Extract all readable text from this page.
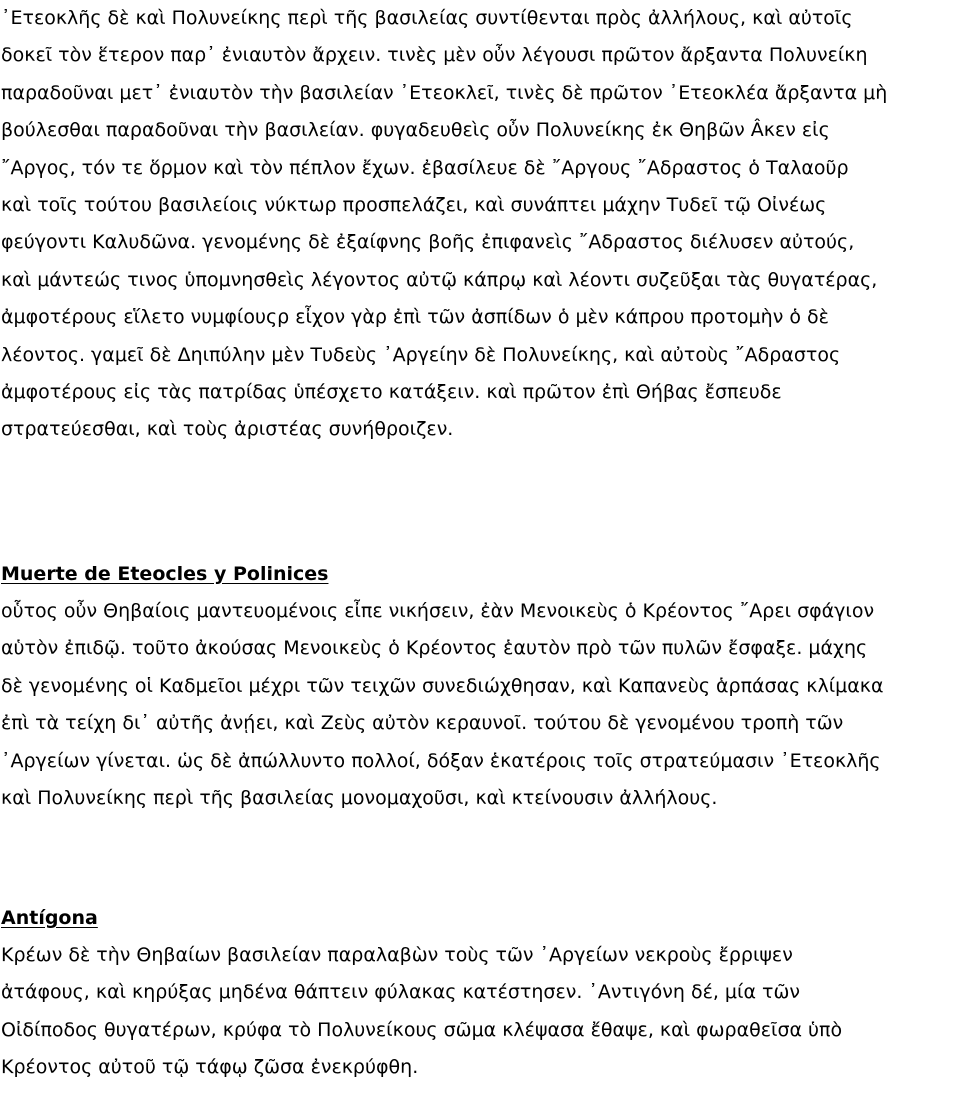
᾿Ετεοκλῆς δὲ καὶ Πολυνείκης περὶ τῆς βασιλείας συντίθενται πρὸς ἀλλήλους, καὶ αὐτοῖς
δοκεῖ τὸν ἕτερον παρ᾿ ἐνιαυτὸν ἄρχειν. τινὲς μὲν οὖν λέγουσι πρῶτον ἄρξαντα Πολυνείκη
παραδοῦναι μετ᾿ ἐνιαυτὸν τὴν βασιλείαν ᾿Ετεοκλεῖ, τινὲς δὲ πρῶτον ᾿Ετεοκλέα ἄρξαντα μὴ
βούλεσθαι παραδοῦναι τὴν βασιλείαν. φυγαδευθεὶς οὖν Πολυνείκης ἐκ Θηβῶν Âκεν εἰς
῎Αργος, τόν τε ὅρμον καὶ τὸν πέπλον ἔχων. ἐβασίλευε δὲ ῎Αργους ῎Αδραστος ὁ Ταλαοῦρ
καὶ τοῖς τούτου βασιλείοις νύκτωρ προσπελάζει, καὶ συνάπτει μάχην Τυδεῖ τῷ Οἰνέως
φεύγοντι Καλυδῶνα. γενομένης δὲ ἐξαίφνης βοῆς ἐπιφανεὶς ῎Αδραστος διέλυσεν αὐτούς,
καὶ μάντεώς τινος ὑπομνησθεὶς λέγοντος αὐτῷ κάπρῳ καὶ λέοντι συζεῦξαι τὰς θυγατέρας,
ἀμφοτέρους εἵλετο νυμφίουςρ εἶχον γὰρ ἐπὶ τῶν ἀσπίδων ὁ μὲν κάπρου προτομὴν ὁ δὲ
λέοντος. γαμεῖ δὲ Δηιπύλην μὲν Τυδεὺς ᾿Αργείην δὲ Πολυνείκης, καὶ αὐτοὺς ῎Αδραστος
ἀμφοτέρους εἰς τὰς πατρίδας ὑπέσχετο κατάξειν. καὶ πρῶτον ἐπὶ Θήβας ἔσπευδε
στρατεύεσθαι, καὶ τοὺς ἀριστέας συνήθροιζεν.
Muerte de Eteocles y Polinices
οὗτος οὖν Θηβαίοις μαντευομένοις εἶπε νικήσειν, ἐὰν Μενοικεὺς ὁ Κρέοντος ῎Αρει σφάγιον
αὑτὸν ἐπιδῷ. τοῦτο ἀκούσας Μενοικεὺς ὁ Κρέοντος ἑαυτὸν πρὸ τῶν πυλῶν ἔσφαξε. μάχης
δὲ γενομένης οἱ Καδμεῖοι μέχρι τῶν τειχῶν συνεδιώχθησαν, καὶ Καπανεὺς ἁρπάσας κλίμακα
ἐπὶ τὰ τείχη δι᾿ αὐτῆς ἀνῄει, καὶ Ζεὺς αὐτὸν κεραυνοῖ. τούτου δὲ γενομένου τροπὴ τῶν
᾿Αργείων γίνεται. ὡς δὲ ἀπώλλυντο πολλοί, δόξαν ἑκατέροις τοῖς στρατεύμασιν ᾿Ετεοκλῆς
καὶ Πολυνείκης περὶ τῆς βασιλείας μονομαχοῦσι, καὶ κτείνουσιν ἀλλήλους.
Antígona
Κρέων δὲ τὴν Θηβαίων βασιλείαν παραλαβὼν τοὺς τῶν ᾿Αργείων νεκροὺς ἔρριψεν
ἀτάφους, καὶ κηρύξας μηδένα θάπτειν φύλακας κατέστησεν. ᾿Αντιγόνη δέ, μία τῶν
Οἰδίποδος θυγατέρων, κρύφα τὸ Πολυνείκους σῶμα κλέψασα ἔθαψε, καὶ φωραθεῖσα ὑπὸ
Κρέοντος αὐτοῦ τῷ τάφῳ ζῶσα ἐνεκρύφθη.
